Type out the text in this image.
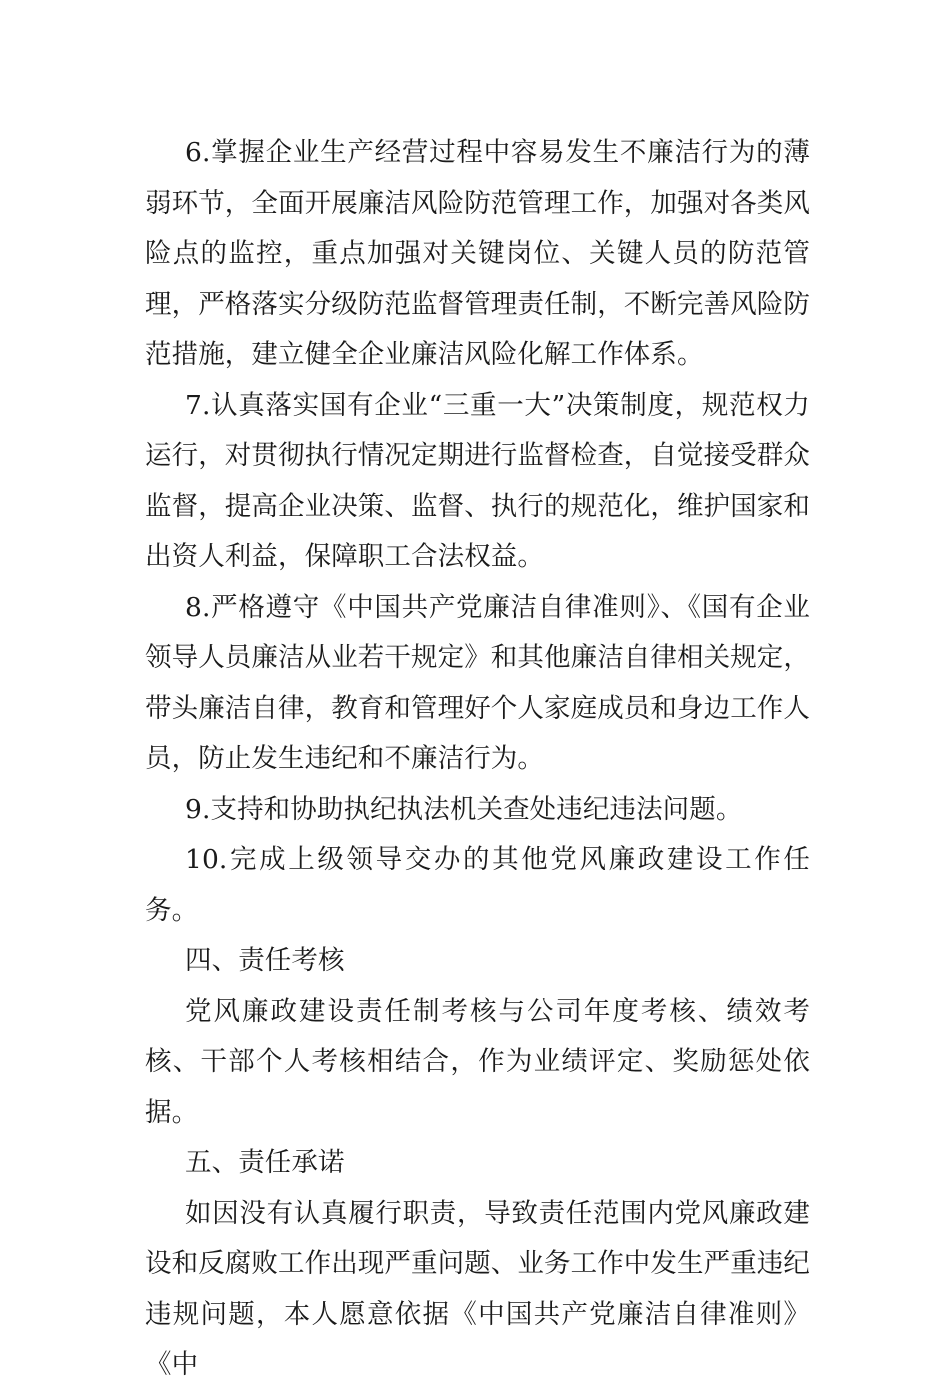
6.掌握企业生产经营过程中容易发生不廉洁行为的薄弱环节，全面开展廉洁风险防范管理工作，加强对各类风险点的监控，重点加强对关键岗位、关键人员的防范管理，严格落实分级防范监督管理责任制，不断完善风险防范措施，建立健全企业廉洁风险化解工作体系。

7.认真落实国有企业“三重一大”决策制度，规范权力运行，对贯彻执行情况定期进行监督检查，自觉接受群众监督，提高企业决策、监督、执行的规范化，维护国家和出资人利益，保障职工合法权益。

8.严格遵守《中国共产党廉洁自律准则》、《国有企业领导人员廉洁从业若干规定》和其他廉洁自律相关规定，带头廉洁自律，教育和管理好个人家庭成员和身边工作人员，防止发生违纪和不廉洁行为。

9.支持和协助执纪执法机关查处违纪违法问题。

10.完成上级领导交办的其他党风廉政建设工作任务。

四、责任考核

党风廉政建设责任制考核与公司年度考核、绩效考核、干部个人考核相结合，作为业绩评定、奖励惩处依据。

五、责任承诺

如因没有认真履行职责，导致责任范围内党风廉政建设和反腐败工作出现严重问题、业务工作中发生严重违纪违规问题，本人愿意依据《中国共产党廉洁自律准则》《中
